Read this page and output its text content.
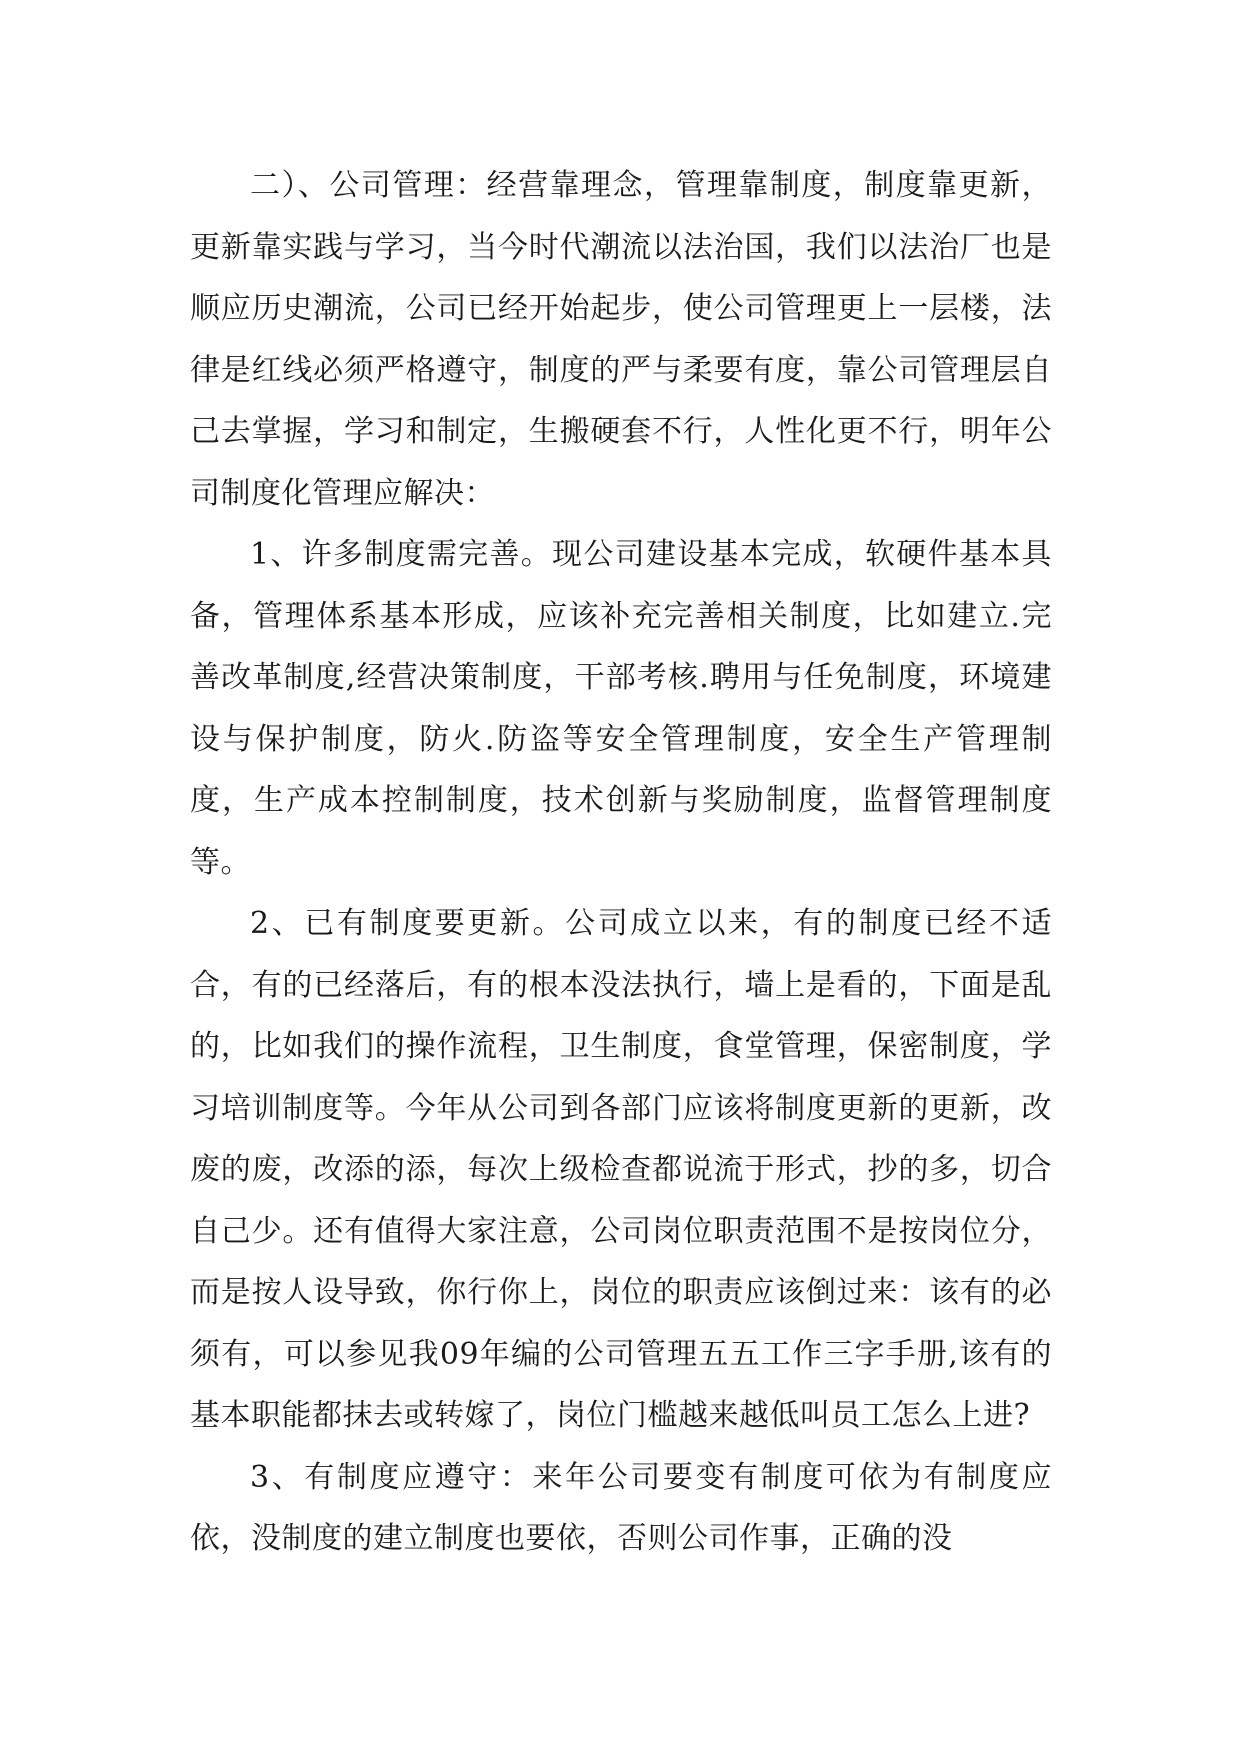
二）、公司管理：经营靠理念，管理靠制度，制度靠更新，更新靠实践与学习，当今时代潮流以法治国，我们以法治厂也是顺应历史潮流，公司已经开始起步，使公司管理更上一层楼，法律是红线必须严格遵守，制度的严与柔要有度，靠公司管理层自己去掌握，学习和制定，生搬硬套不行，人性化更不行，明年公司制度化管理应解决：

1、许多制度需完善。现公司建设基本完成，软硬件基本具备，管理体系基本形成，应该补充完善相关制度，比如建立.完善改革制度,经营决策制度，干部考核.聘用与任免制度，环境建设与保护制度，防火.防盗等安全管理制度，安全生产管理制度，生产成本控制制度，技术创新与奖励制度，监督管理制度等。

2、已有制度要更新。公司成立以来，有的制度已经不适合，有的已经落后，有的根本没法执行，墙上是看的，下面是乱的，比如我们的操作流程，卫生制度，食堂管理，保密制度，学习培训制度等。今年从公司到各部门应该将制度更新的更新，改废的废，改添的添，每次上级检查都说流于形式，抄的多，切合自己少。还有值得大家注意，公司岗位职责范围不是按岗位分，而是按人设导致，你行你上，岗位的职责应该倒过来：该有的必须有，可以参见我09年编的公司管理五五工作三字手册,该有的基本职能都抹去或转嫁了，岗位门槛越来越低叫员工怎么上进?

3、有制度应遵守：来年公司要变有制度可依为有制度应依，没制度的建立制度也要依，否则公司作事，正确的没
